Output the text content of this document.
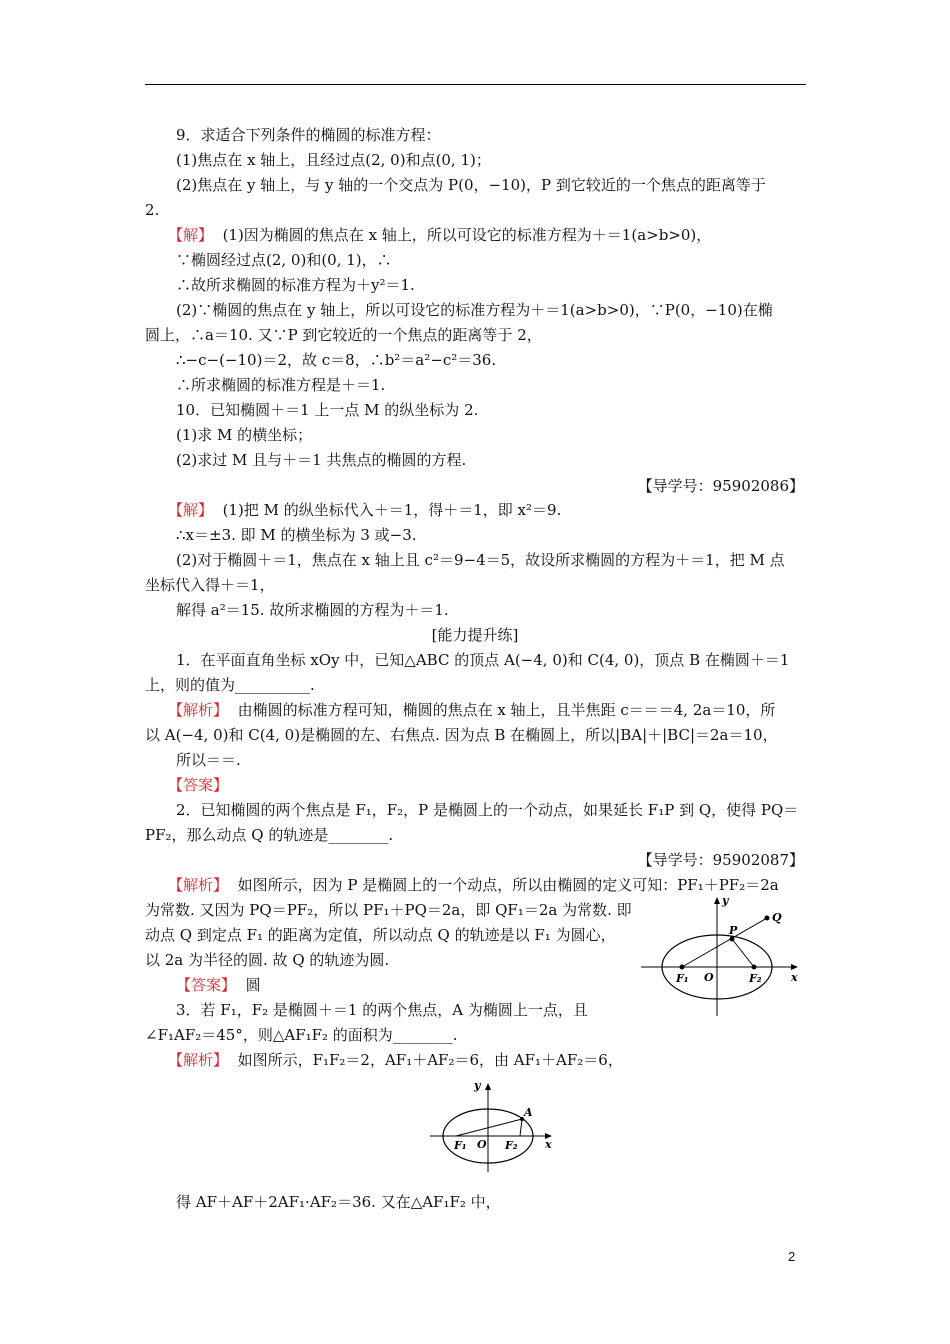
9．求适合下列条件的椭圆的标准方程：
(1)焦点在 x 轴上，且经过点(2, 0)和点(0, 1)；
(2)焦点在 y 轴上，与 y 轴的一个交点为 P(0，−10)，P 到它较近的一个焦点的距离等于
2.
【解】 (1)因为椭圆的焦点在 x 轴上，所以可设它的标准方程为＋＝1(a>b>0)，
∵椭圆经过点(2, 0)和(0, 1)，∴
∴故所求椭圆的标准方程为＋y²＝1.
(2)∵椭圆的焦点在 y 轴上，所以可设它的标准方程为＋＝1(a>b>0)，∵P(0，−10)在椭
圆上，∴a＝10. 又∵P 到它较近的一个焦点的距离等于 2，
∴−c−(−10)＝2，故 c＝8，∴b²＝a²−c²＝36.
∴所求椭圆的标准方程是＋＝1.
10．已知椭圆＋＝1 上一点 M 的纵坐标为 2.
(1)求 M 的横坐标；
(2)求过 M 且与＋＝1 共焦点的椭圆的方程.
【导学号：95902086】
【解】 (1)把 M 的纵坐标代入＋＝1，得＋＝1，即 x²＝9.
∴x＝±3. 即 M 的横坐标为 3 或−3.
(2)对于椭圆＋＝1，焦点在 x 轴上且 c²＝9−4＝5，故设所求椭圆的方程为＋＝1，把 M 点
坐标代入得＋＝1，
解得 a²＝15. 故所求椭圆的方程为＋＝1.
[能力提升练]
1．在平面直角坐标 xOy 中，已知△ABC 的顶点 A(−4, 0)和 C(4, 0)，顶点 B 在椭圆＋＝1
上，则的值为__________.
【解析】 由椭圆的标准方程可知，椭圆的焦点在 x 轴上，且半焦距 c＝＝＝4, 2a＝10，所
以 A(−4, 0)和 C(4, 0)是椭圆的左、右焦点. 因为点 B 在椭圆上，所以|BA|＋|BC|＝2a＝10，
所以＝＝.
【答案】
2．已知椭圆的两个焦点是 F₁，F₂，P 是椭圆上的一个动点，如果延长 F₁P 到 Q，使得 PQ＝
PF₂，那么动点 Q 的轨迹是________.
【导学号：95902087】
【解析】 如图所示，因为 P 是椭圆上的一个动点，所以由椭圆的定义可知：PF₁＋PF₂＝2a
为常数. 又因为 PQ＝PF₂，所以 PF₁＋PQ＝2a，即 QF₁＝2a 为常数. 即
动点 Q 到定点 F₁ 的距离为定值，所以动点 Q 的轨迹是以 F₁ 为圆心，
以 2a 为半径的圆. 故 Q 的轨迹为圆.
【答案】 圆
y
x
P
Q
O
F₁	F₂
3．若 F₁，F₂ 是椭圆＋＝1 的两个焦点，A 为椭圆上一点，且
∠F₁AF₂＝45°，则△AF₁F₂ 的面积为________.
【解析】 如图所示，F₁F₂＝2，AF₁＋AF₂＝6，由 AF₁＋AF₂＝6，
y
x
A
O
F₁	F₂
得 AF＋AF＋2AF₁·AF₂＝36. 又在△AF₁F₂ 中，
2
